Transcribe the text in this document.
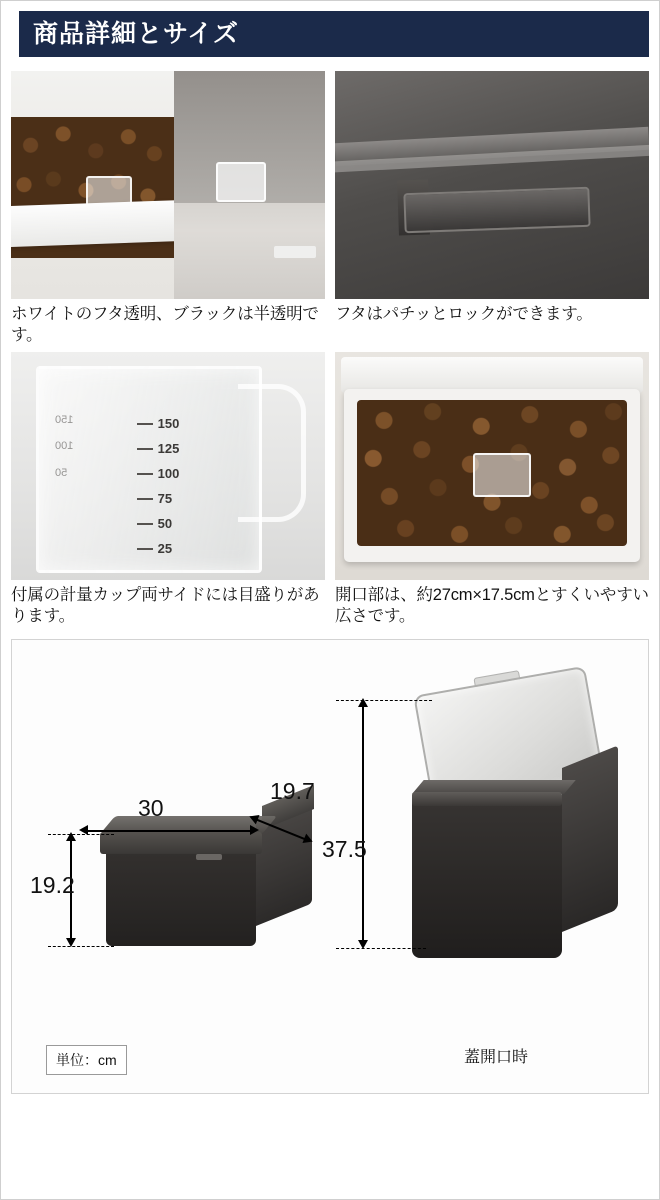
商品詳細とサイズ
ホワイトのフタ透明、ブラックは半透明です。
フタはパチッとロックができます。
150
100
50
150
125
100
75
50
25
付属の計量カップ両サイドには目盛りがあります。
開口部は、約27cm×17.5cmとすくいやすい広さです。
30
19.7
19.2
37.5
単位：cm	蓋開口時
